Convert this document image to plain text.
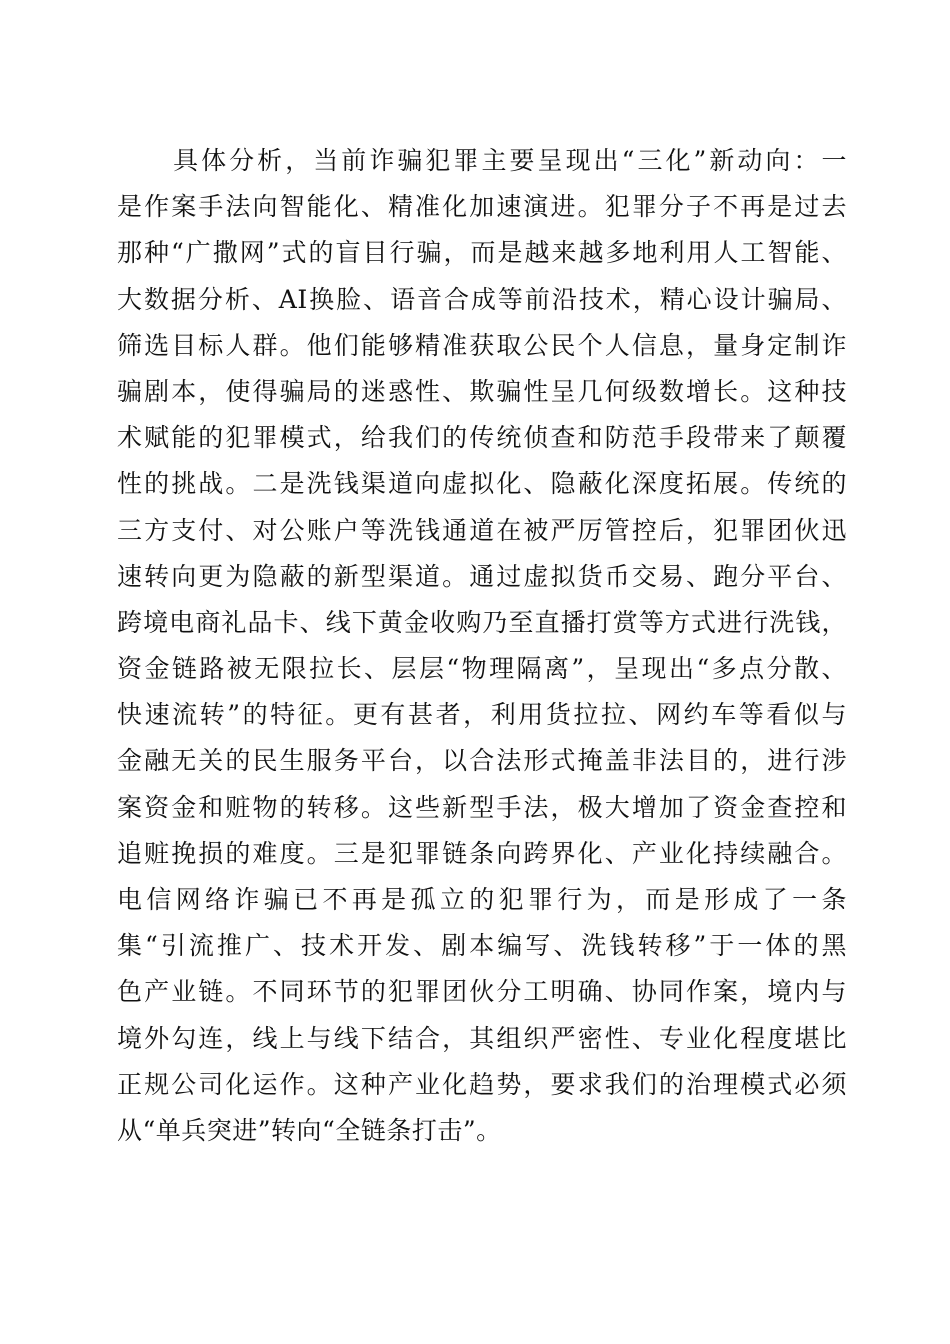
　　具体分析，当前诈骗犯罪主要呈现出“三化”新动向：一
是作案手法向智能化、精准化加速演进。犯罪分子不再是过去
那种“广撒网”式的盲目行骗，而是越来越多地利用人工智能、
大数据分析、AI换脸、语音合成等前沿技术，精心设计骗局、
筛选目标人群。他们能够精准获取公民个人信息，量身定制诈
骗剧本，使得骗局的迷惑性、欺骗性呈几何级数增长。这种技
术赋能的犯罪模式，给我们的传统侦查和防范手段带来了颠覆
性的挑战。二是洗钱渠道向虚拟化、隐蔽化深度拓展。传统的
三方支付、对公账户等洗钱通道在被严厉管控后，犯罪团伙迅
速转向更为隐蔽的新型渠道。通过虚拟货币交易、跑分平台、
跨境电商礼品卡、线下黄金收购乃至直播打赏等方式进行洗钱，
资金链路被无限拉长、层层“物理隔离”，呈现出“多点分散、
快速流转”的特征。更有甚者，利用货拉拉、网约车等看似与
金融无关的民生服务平台，以合法形式掩盖非法目的，进行涉
案资金和赃物的转移。这些新型手法，极大增加了资金查控和
追赃挽损的难度。三是犯罪链条向跨界化、产业化持续融合。
电信网络诈骗已不再是孤立的犯罪行为，而是形成了一条
集“引流推广、技术开发、剧本编写、洗钱转移”于一体的黑
色产业链。不同环节的犯罪团伙分工明确、协同作案，境内与
境外勾连，线上与线下结合，其组织严密性、专业化程度堪比
正规公司化运作。这种产业化趋势，要求我们的治理模式必须
从“单兵突进”转向“全链条打击”。
